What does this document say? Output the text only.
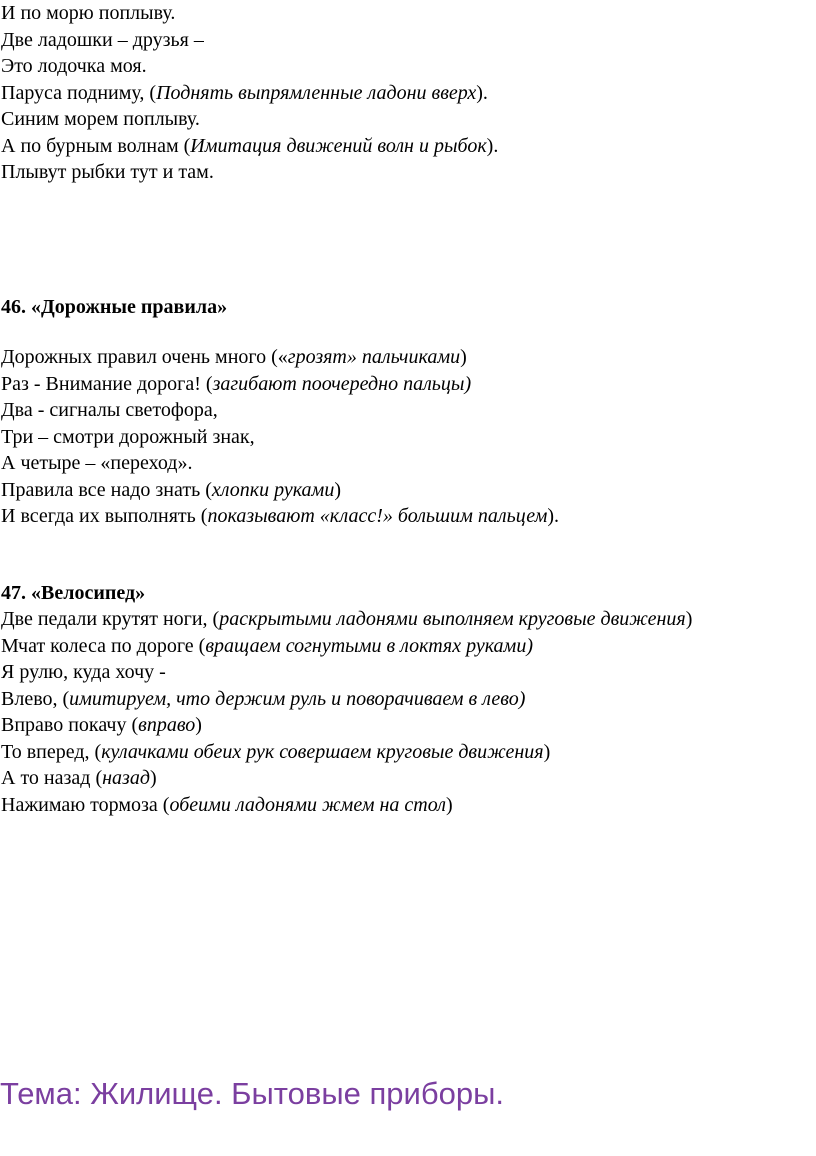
И по морю поплыву.
Две ладошки – друзья –
Это лодочка моя.
Паруса подниму, (Поднять выпрямленные ладони вверх).
Синим морем поплыву.
А по бурным волнам (Имитация движений волн и рыбок).
Плывут рыбки тут и там.
46. «Дорожные правила»
Дорожных правил очень много («грозят» пальчиками)
Раз - Внимание дорога! (загибают поочередно пальцы)
Два - сигналы светофора,
Три – смотри дорожный знак,
А четыре – «переход».
Правила все надо знать (хлопки руками)
И всегда их выполнять (показывают «класс!» большим пальцем).
47. «Велосипед»
Две педали крутят ноги, (раскрытыми ладонями выполняем круговые движения)
Мчат колеса по дороге (вращаем согнутыми в локтях руками)
Я рулю, куда хочу -
Влево, (имитируем, что держим руль и поворачиваем в лево)
Вправо покачу (вправо)
То вперед, (кулачками обеих рук совершаем круговые движения)
А то назад (назад)
Нажимаю тормоза (обеими ладонями жмем на стол)
Тема: Жилище. Бытовые приборы.
